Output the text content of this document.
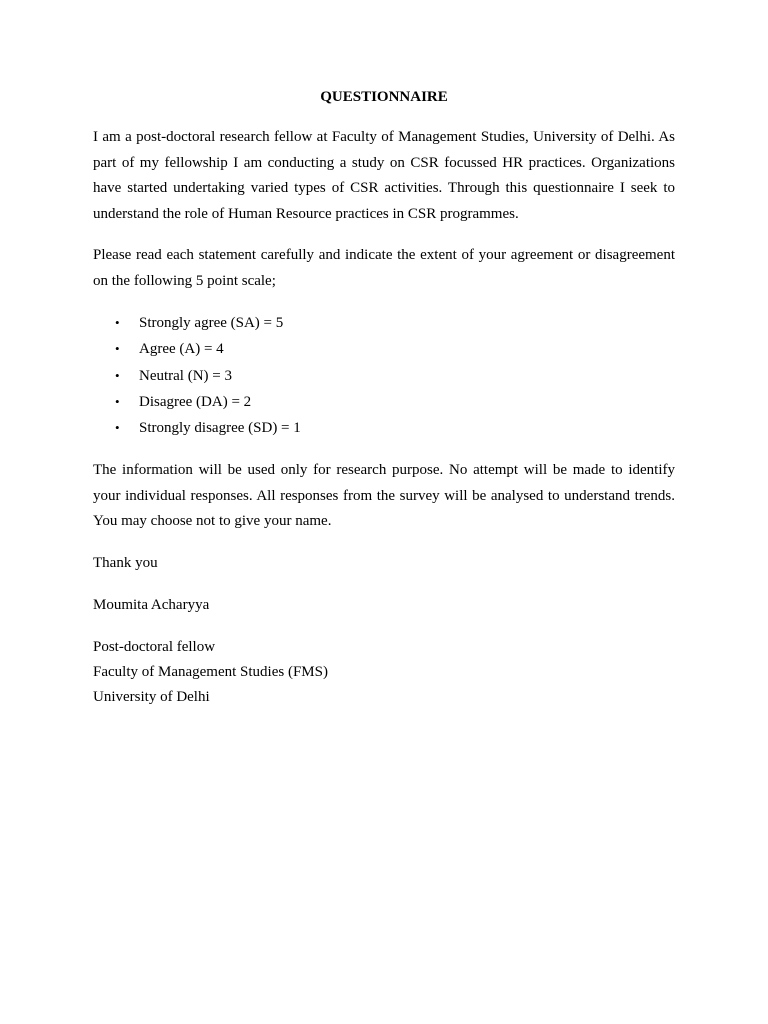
QUESTIONNAIRE

I am a post-doctoral research fellow at Faculty of Management Studies, University of Delhi. As part of my fellowship I am conducting a study on CSR focussed HR practices. Organizations have started undertaking varied types of CSR activities. Through this questionnaire I seek to understand the role of Human Resource practices in CSR programmes.

Please read each statement carefully and indicate the extent of your agreement or disagreement on the following 5 point scale;

• Strongly agree (SA) = 5
• Agree (A) = 4
• Neutral (N) = 3
• Disagree (DA) = 2
• Strongly disagree (SD) = 1

The information will be used only for research purpose. No attempt will be made to identify your individual responses. All responses from the survey will be analysed to understand trends. You may choose not to give your name.

Thank you

Moumita Acharyya

Post-doctoral fellow

Faculty of Management Studies (FMS)

University of Delhi
